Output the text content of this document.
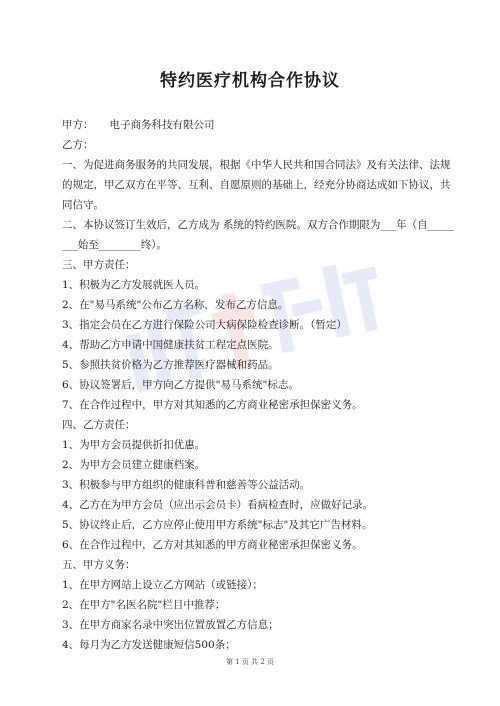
特约医疗机构合作协议
甲方： 电子商务科技有限公司
乙方：
一、为促进商务服务的共同发展，根据《中华人民共和国合同法》及有关法律、法规
的规定，甲乙双方在平等、互利、自愿原则的基础上，经充分协商达成如下协议，共
同信守。
二、本协议签订生效后，乙方成为 系统的特约医院。双方合作期限为___年（自_____
___始至________终）。
三、甲方责任：
1、积极为乙方发展就医人员。
2、在"易马系统"公布乙方名称，发布乙方信息。
3、指定会员在乙方进行保险公司大病保险检查诊断。（暂定）
4、帮助乙方申请中国健康扶贫工程定点医院。
5、参照扶贫价格为乙方推荐医疗器械和药品。
6、协议签署后，甲方向乙方提供"易马系统"标志。
7、在合作过程中，甲方对其知悉的乙方商业秘密承担保密义务。
四、乙方责任：
1、为甲方会员提供折扣优惠。
2、为甲方会员建立健康档案。
3、积极参与甲方组织的健康科普和慈善等公益活动。
4、乙方在为甲方会员（应出示会员卡）看病检查时，应做好记录。
5、协议终止后，乙方应停止使用甲方系统"标志"及其它广告材料。
6、在合作过程中，乙方对其知悉的甲方商业秘密承担保密义务。
五、甲方义务：
1、在甲方网站上设立乙方网站（或链接）；
2、在甲方"名医名院"栏目中推荐；
3、在甲方商家名录中突出位置放置乙方信息；
4、每月为乙方发送健康短信500条；
第 1 页 共 2 页
